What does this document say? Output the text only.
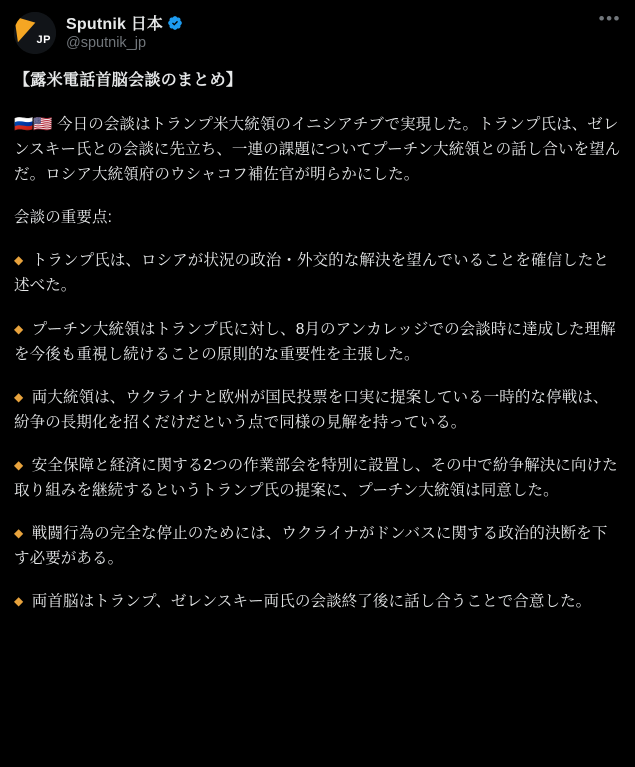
JP
Sputnik 日本
@sputnik_jp
•••
【露米電話首脳会談のまとめ】

🇷🇺🇺🇸 今日の会談はトランプ米大統領のイニシアチブで実現した。トランプ氏は、ゼレンスキー氏との会談に先立ち、一連の課題についてプーチン大統領との話し合いを望んだ。ロシア大統領府のウシャコフ補佐官が明らかにした。

会談の重要点:

◆ トランプ氏は、ロシアが状況の政治・外交的な解決を望んでいることを確信したと述べた。

◆ プーチン大統領はトランプ氏に対し、8月のアンカレッジでの会談時に達成した理解を今後も重視し続けることの原則的な重要性を主張した。

◆ 両大統領は、ウクライナと欧州が国民投票を口実に提案している一時的な停戦は、紛争の長期化を招くだけだという点で同様の見解を持っている。

◆ 安全保障と経済に関する2つの作業部会を特別に設置し、その中で紛争解決に向けた取り組みを継続するというトランプ氏の提案に、プーチン大統領は同意した。

◆ 戦闘行為の完全な停止のためには、ウクライナがドンバスに関する政治的決断を下す必要がある。

◆ 両首脳はトランプ、ゼレンスキー両氏の会談終了後に話し合うことで合意した。
